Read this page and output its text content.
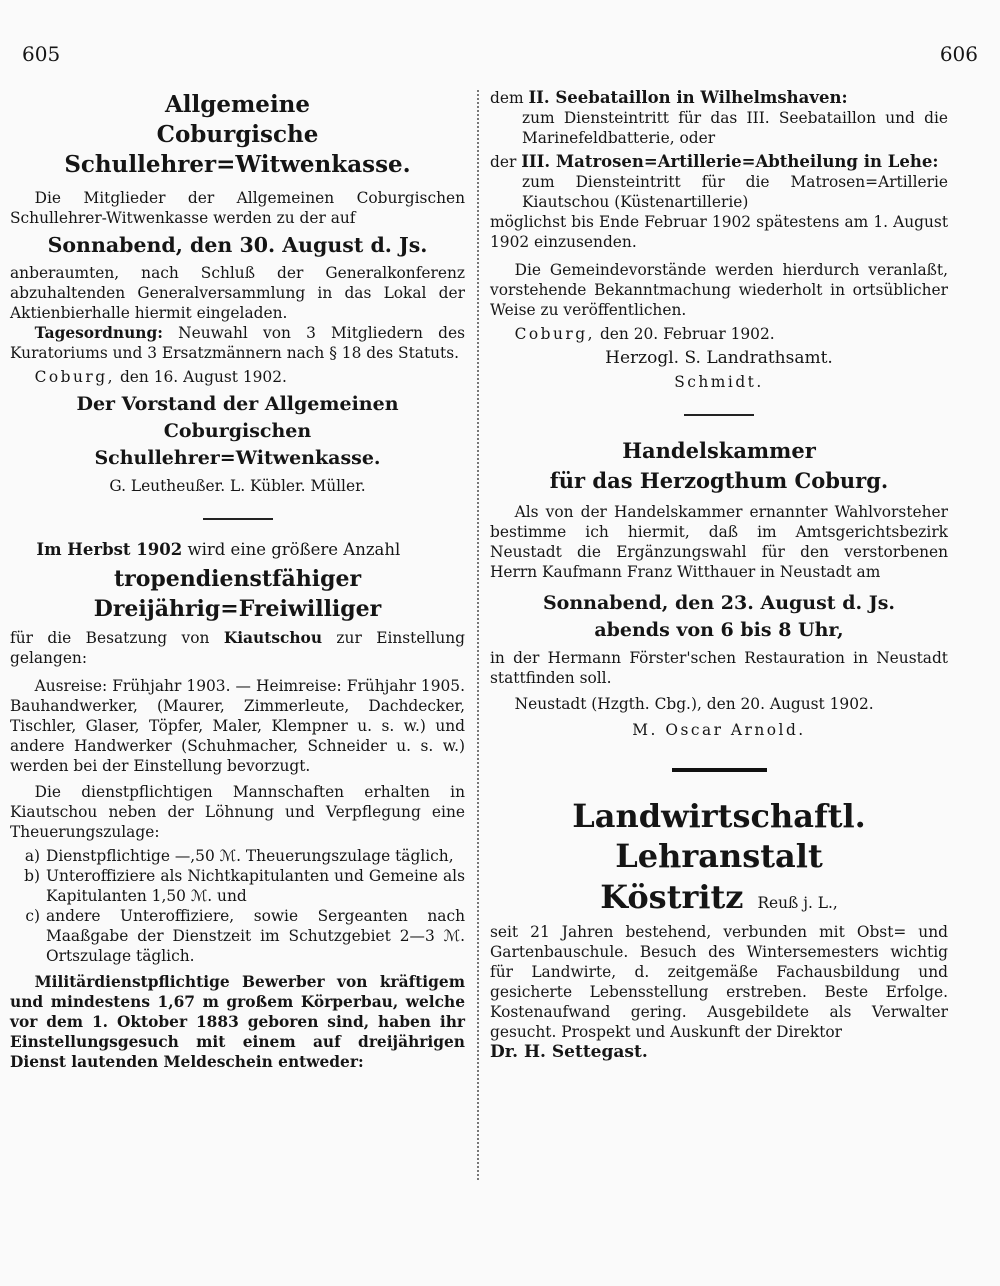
605	606
Allgemeine
Coburgische Schullehrer=Witwenkasse.

Die Mitglieder der Allgemeinen Coburgischen Schullehrer-Witwenkasse werden zu der auf

Sonnabend, den 30. August d. Js.

anberaumten, nach Schluß der Generalkonferenz abzuhaltenden Generalversammlung in das Lokal der Aktienbierhalle hiermit eingeladen.

Tagesordnung: Neuwahl von 3 Mitgliedern des Kuratoriums und 3 Ersatzmännern nach § 18 des Statuts.

Coburg, den 16. August 1902.

Der Vorstand der Allgemeinen Coburgischen
Schullehrer=Witwenkasse.

G. Leutheußer. L. Kübler. Müller.

Im Herbst 1902 wird eine größere Anzahl

tropendienstfähiger Dreijährig=Freiwilliger

für die Besatzung von Kiautschou zur Einstellung gelangen:

Ausreise: Frühjahr 1903. — Heimreise: Frühjahr 1905. Bauhandwerker, (Maurer, Zimmerleute, Dachdecker, Tischler, Glaser, Töpfer, Maler, Klempner u. s. w.) und andere Handwerker (Schuhmacher, Schneider u. s. w.) werden bei der Einstellung bevorzugt.

Die dienstpflichtigen Mannschaften erhalten in Kiautschou neben der Löhnung und Verpflegung eine Theuerungszulage:

a) Dienstpflichtige —,50 ℳ. Theuerungszulage täglich,
b) Unteroffiziere als Nichtkapitulanten und Gemeine als Kapitulanten 1,50 ℳ. und
c) andere Unteroffiziere, sowie Sergeanten nach Maaßgabe der Dienstzeit im Schutzgebiet 2—3 ℳ. Ortszulage täglich.

Militärdienstpflichtige Bewerber von kräftigem und mindestens 1,67 m großem Körperbau, welche vor dem 1. Oktober 1883 geboren sind, haben ihr Einstellungsgesuch mit einem auf dreijährigen Dienst lautenden Meldeschein entweder:

dem II. Seebataillon in Wilhelmshaven:

zum Diensteintritt für das III. Seebataillon und die Marinefeldbatterie, oder

der III. Matrosen=Artillerie=Abtheilung in Lehe:

zum Diensteintritt für die Matrosen=Artillerie Kiautschou (Küstenartillerie)

möglichst bis Ende Februar 1902 spätestens am 1. August 1902 einzusenden.

Die Gemeindevorstände werden hierdurch veranlaßt, vorstehende Bekanntmachung wiederholt in ortsüblicher Weise zu veröffentlichen.

Coburg, den 20. Februar 1902.

Herzogl. S. Landrathsamt.

Schmidt.

Handelskammer
für das Herzogthum Coburg.

Als von der Handelskammer ernannter Wahlvorsteher bestimme ich hiermit, daß im Amtsgerichtsbezirk Neustadt die Ergänzungswahl für den verstorbenen Herrn Kaufmann Franz Witthauer in Neustadt am

Sonnabend, den 23. August d. Js.
abends von 6 bis 8 Uhr,

in der Hermann Förster'schen Restauration in Neustadt stattfinden soll.

Neustadt (Hzgth. Cbg.), den 20. August 1902.

M. Oscar Arnold.

Landwirtschaftl. Lehranstalt
Köstritz Reuß j. L.,

seit 21 Jahren bestehend, verbunden mit Obst= und Gartenbauschule. Besuch des Wintersemesters wichtig für Landwirte, d. zeitgemäße Fachausbildung und gesicherte Lebensstellung erstreben. Beste Erfolge. Kostenaufwand gering. Ausgebildete als Verwalter gesucht. Prospekt und Auskunft der Direktor

Dr. H. Settegast.
